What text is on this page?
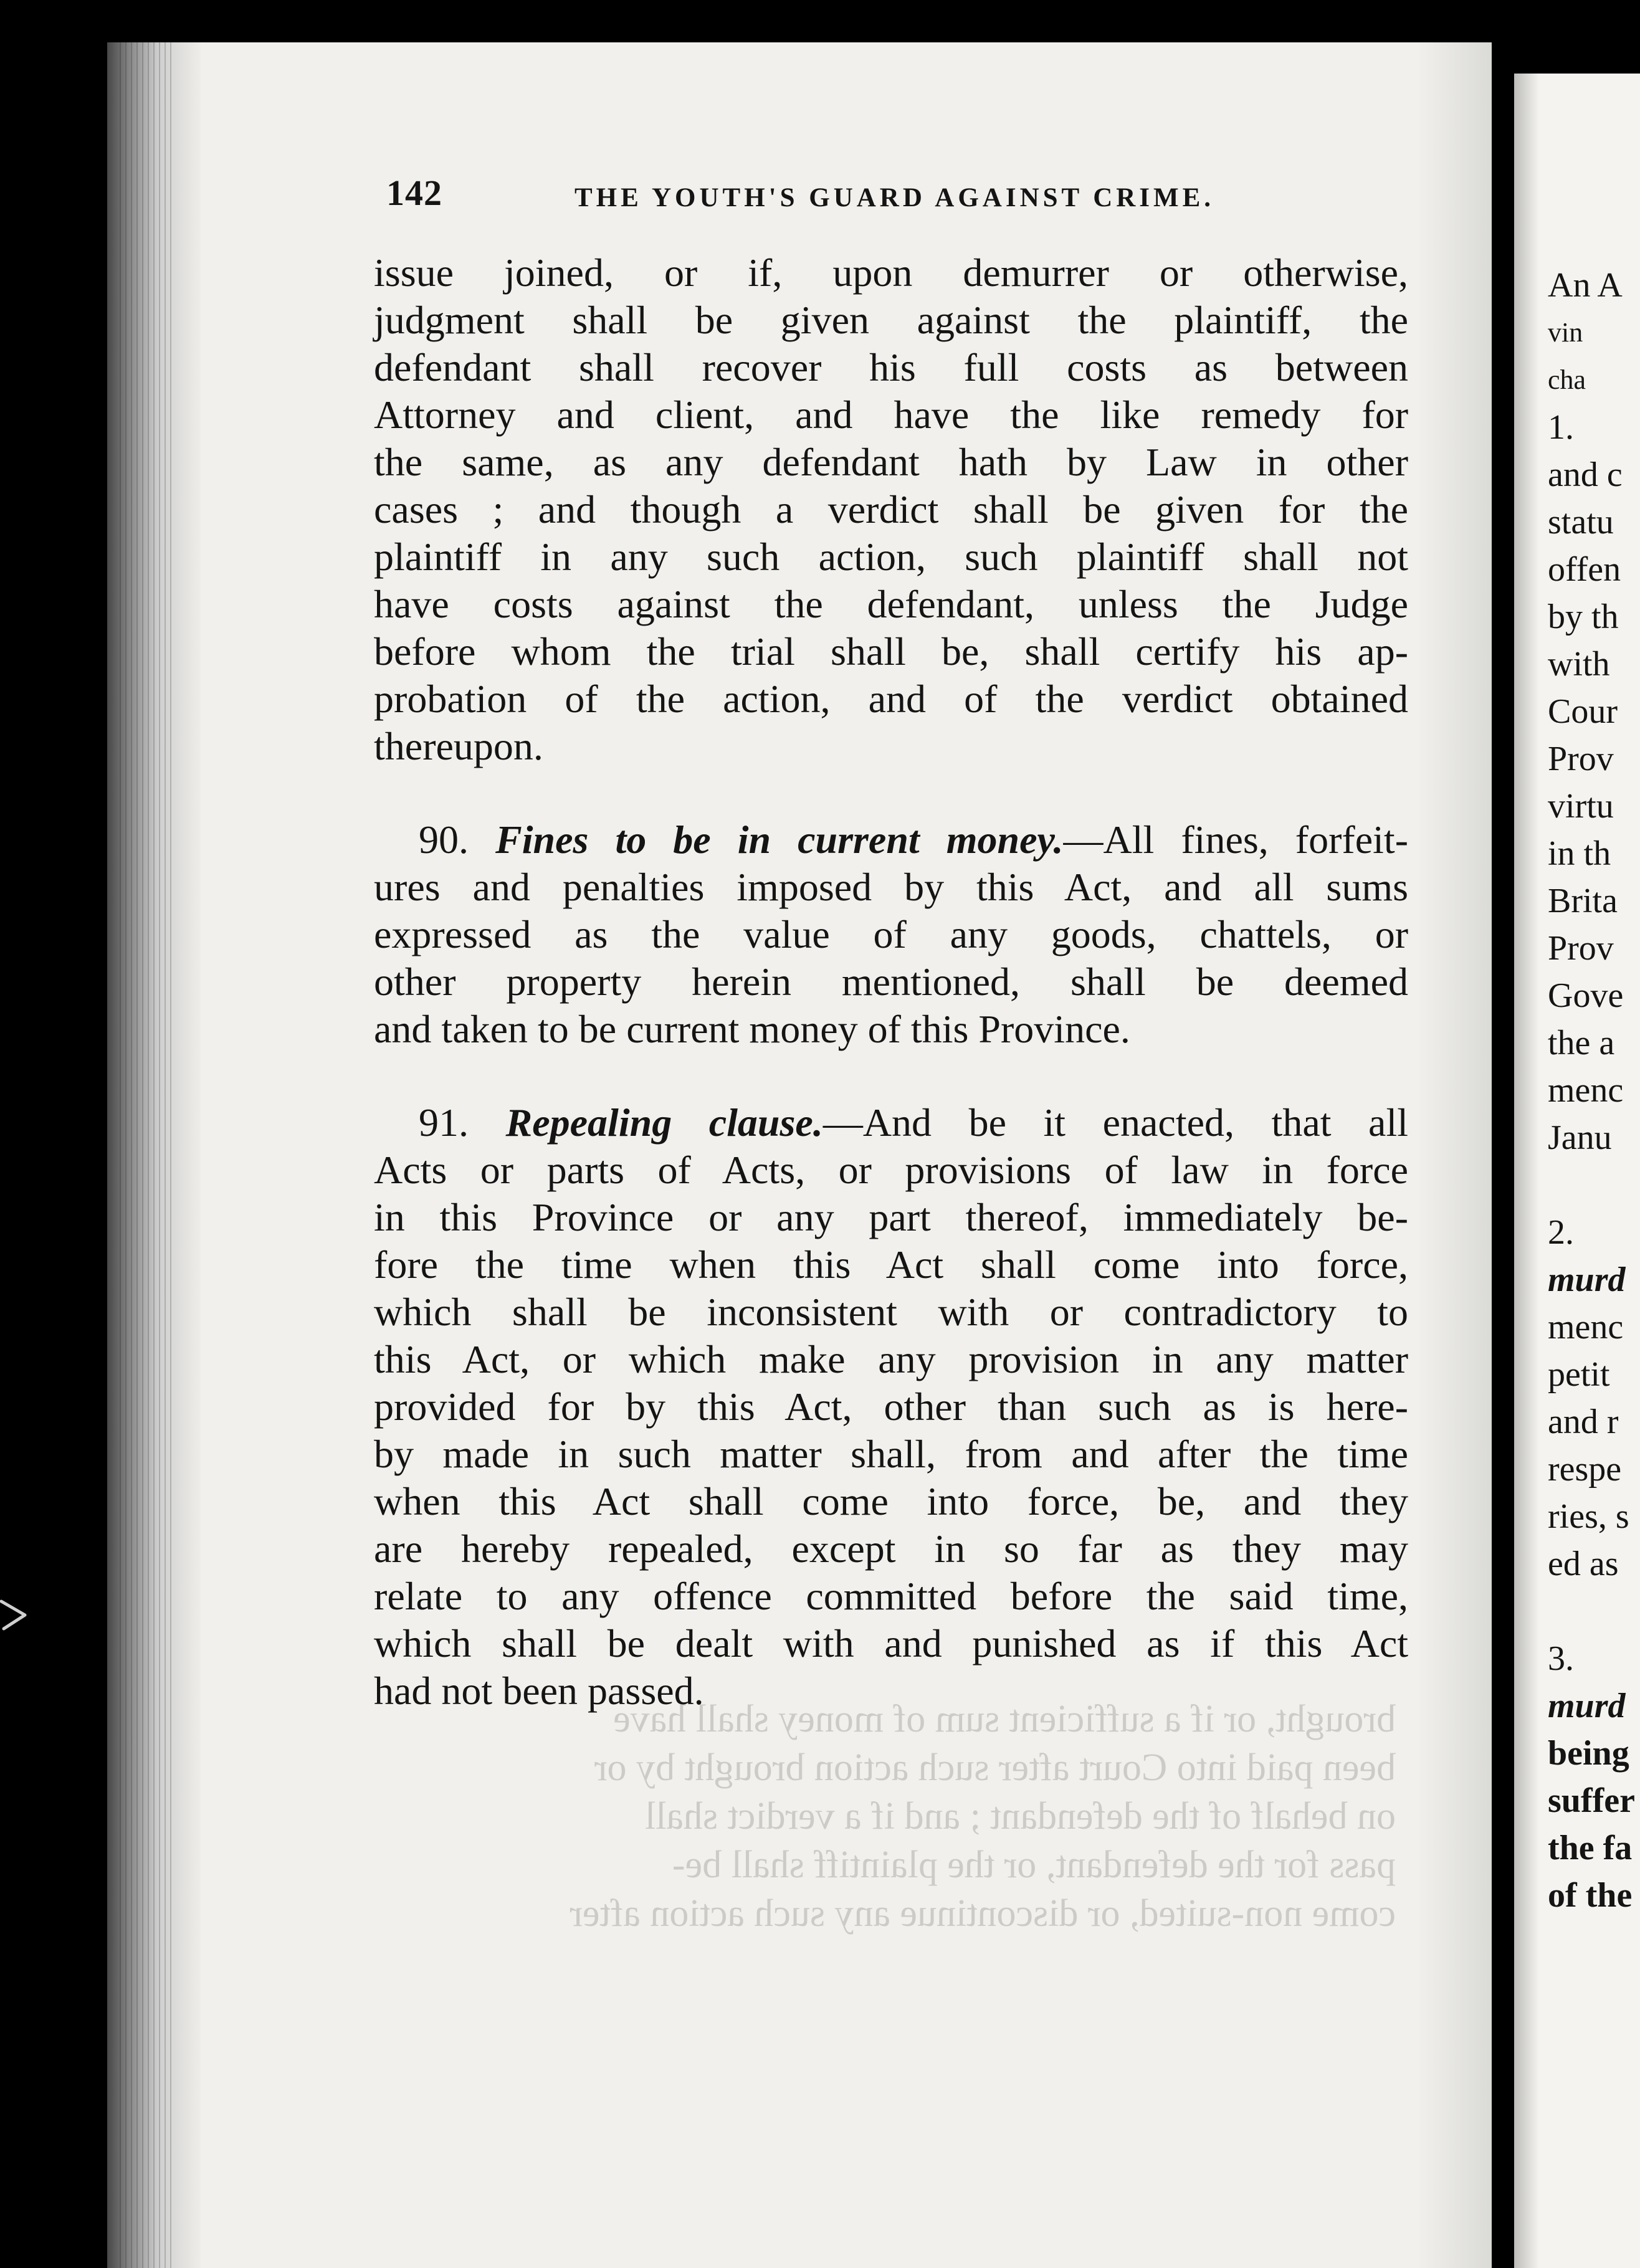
brought, or if a sufficient sum of money shall have
been paid into Court after such action brought by or
on behalf of the defendant ; and if a verdict shall
pass for the defendant, or the plaintiff shall be-
come non-suited, or discontinue any such action after
142	THE YOUTH'S GUARD AGAINST CRIME.
issue joined, or if, upon demurrer or otherwise,
judgment shall be given against the plaintiff, the
defendant shall recover his full costs as between
Attorney and client, and have the like remedy for
the same, as any defendant hath by Law in other
cases ; and though a verdict shall be given for the
plaintiff in any such action, such plaintiff shall not
have costs against the defendant, unless the Judge
before whom the trial shall be, shall certify his ap-
probation of the action, and of the verdict obtained
thereupon.
90. Fines to be in current money.—All fines, forfeit-
ures and penalties imposed by this Act, and all sums
expressed as the value of any goods, chattels, or
other property herein mentioned, shall be deemed
and taken to be current money of this Province.
91. Repealing clause.—And be it enacted, that all
Acts or parts of Acts, or provisions of law in force
in this Province or any part thereof, immediately be-
fore the time when this Act shall come into force,
which shall be inconsistent with or contradictory to
this Act, or which make any provision in any matter
provided for by this Act, other than such as is here-
by made in such matter shall, from and after the time
when this Act shall come into force, be, and they
are hereby repealed, except in so far as they may
relate to any offence committed before the said time,
which shall be dealt with and punished as if this Act
had not been passed.
An A
vin
cha
1.
and c
statu
offen
by th
with
Cour
Prov
virtu
in th
Brita
Prov
Gove
the a
menc
Janu
2.
murd
menc
petit
and r
respe
ries, s
ed as
3.
murd
being
suffer
the fa
of the
